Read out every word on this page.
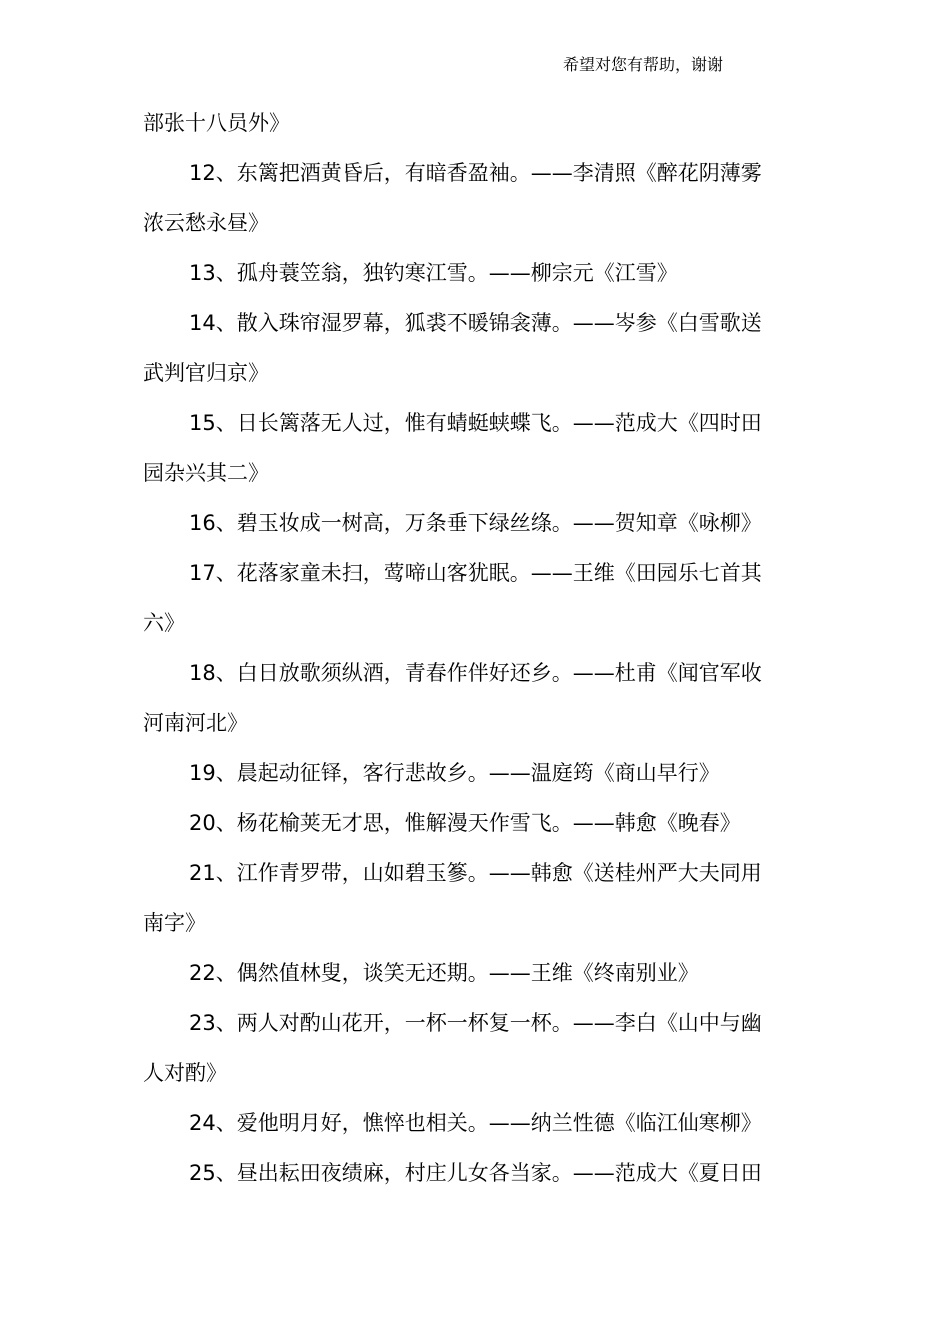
希望对您有帮助，谢谢
部张十八员外》
12、东篱把酒黄昏后，有暗香盈袖。——李清照《醉花阴薄雾
浓云愁永昼》
13、孤舟蓑笠翁，独钓寒江雪。——柳宗元《江雪》
14、散入珠帘湿罗幕，狐裘不暖锦衾薄。——岑参《白雪歌送
武判官归京》
15、日长篱落无人过，惟有蜻蜓蛱蝶飞。——范成大《四时田
园杂兴其二》
16、碧玉妆成一树高，万条垂下绿丝绦。——贺知章《咏柳》
17、花落家童未扫，莺啼山客犹眠。——王维《田园乐七首其
六》
18、白日放歌须纵酒，青春作伴好还乡。——杜甫《闻官军收
河南河北》
19、晨起动征铎，客行悲故乡。——温庭筠《商山早行》
20、杨花榆荚无才思，惟解漫天作雪飞。——韩愈《晚春》
21、江作青罗带，山如碧玉篸。——韩愈《送桂州严大夫同用
南字》
22、偶然值林叟，谈笑无还期。——王维《终南别业》
23、两人对酌山花开，一杯一杯复一杯。——李白《山中与幽
人对酌》
24、爱他明月好，憔悴也相关。——纳兰性德《临江仙寒柳》
25、昼出耘田夜绩麻，村庄儿女各当家。——范成大《夏日田
